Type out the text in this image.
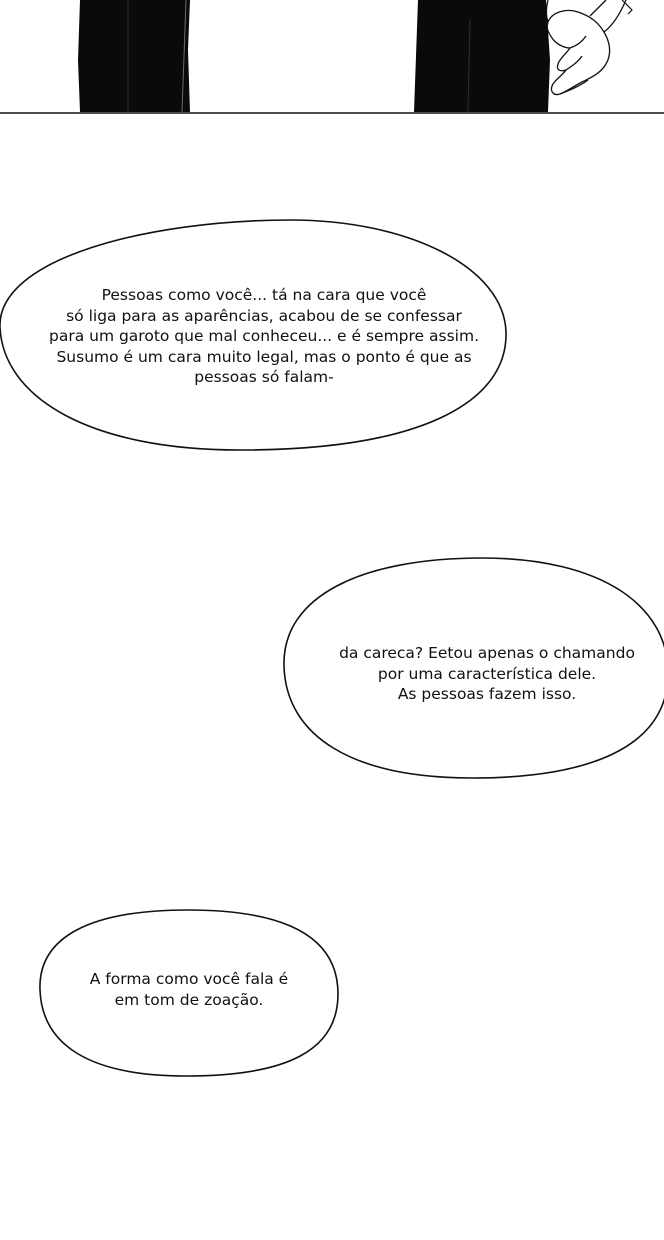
Pessoas como você... tá na cara que você
só liga para as aparências, acabou de se confessar
para um garoto que mal conheceu... e é sempre assim.
Susumo é um cara muito legal, mas o ponto é que as
pessoas só falam-
da careca? Eetou apenas o chamando
por uma característica dele.
As pessoas fazem isso.
A forma como você fala é
em tom de zoação.
